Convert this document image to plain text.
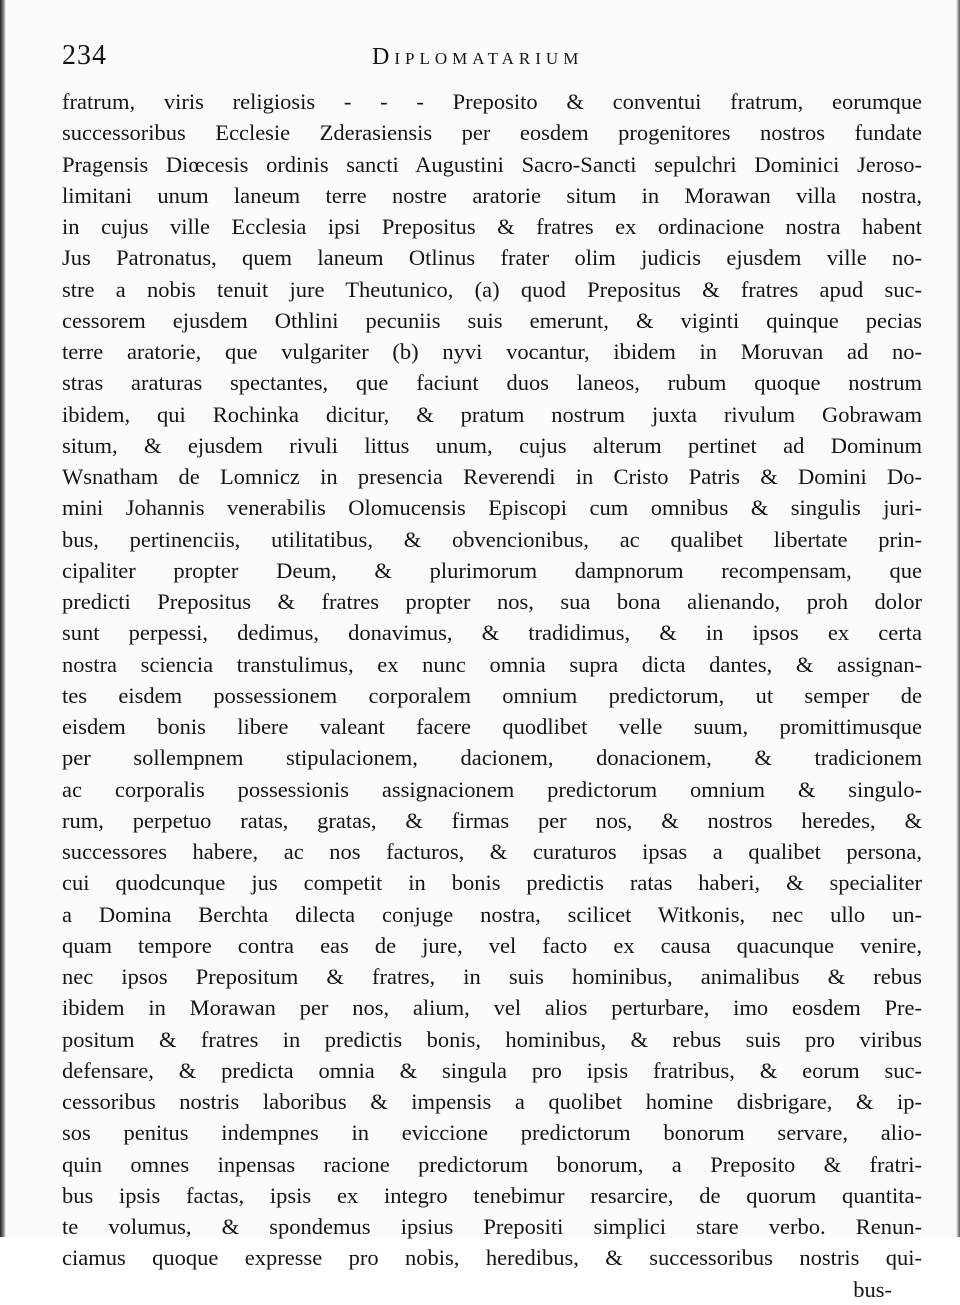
234	Diplomatarium
fratrum, viris religiosis - - - Preposito & conventui fratrum, eorumque
successoribus Ecclesie Zderasiensis per eosdem progenitores nostros fundate
Pragensis Diœcesis ordinis sancti Augustini Sacro-Sancti sepulchri Dominici Jeroso-
limitani unum laneum terre nostre aratorie situm in Morawan villa nostra,
in cujus ville Ecclesia ipsi Prepositus & fratres ex ordinacione nostra habent
Jus Patronatus, quem laneum Otlinus frater olim judicis ejusdem ville no-
stre a nobis tenuit jure Theutunico, (a) quod Prepositus & fratres apud suc-
cessorem ejusdem Othlini pecuniis suis emerunt, & viginti quinque pecias
terre aratorie, que vulgariter (b) nyvi vocantur, ibidem in Moruvan ad no-
stras araturas spectantes, que faciunt duos laneos, rubum quoque nostrum
ibidem, qui Rochinka dicitur, & pratum nostrum juxta rivulum Gobrawam
situm, & ejusdem rivuli littus unum, cujus alterum pertinet ad Dominum
Wsnatham de Lomnicz in presencia Reverendi in Cristo Patris & Domini Do-
mini Johannis venerabilis Olomucensis Episcopi cum omnibus & singulis juri-
bus, pertinenciis, utilitatibus, & obvencionibus, ac qualibet libertate prin-
cipaliter propter Deum, & plurimorum dampnorum recompensam, que
predicti Prepositus & fratres propter nos, sua bona alienando, proh dolor
sunt perpessi, dedimus, donavimus, & tradidimus, & in ipsos ex certa
nostra sciencia transtulimus, ex nunc omnia supra dicta dantes, & assignan-
tes eisdem possessionem corporalem omnium predictorum, ut semper de
eisdem bonis libere valeant facere quodlibet velle suum, promittimusque
per sollempnem stipulacionem, dacionem, donacionem, & tradicionem
ac corporalis possessionis assignacionem predictorum omnium & singulo-
rum, perpetuo ratas, gratas, & firmas per nos, & nostros heredes, &
successores habere, ac nos facturos, & curaturos ipsas a qualibet persona,
cui quodcunque jus competit in bonis predictis ratas haberi, & specialiter
a Domina Berchta dilecta conjuge nostra, scilicet Witkonis, nec ullo un-
quam tempore contra eas de jure, vel facto ex causa quacunque venire,
nec ipsos Prepositum & fratres, in suis hominibus, animalibus & rebus
ibidem in Morawan per nos, alium, vel alios perturbare, imo eosdem Pre-
positum & fratres in predictis bonis, hominibus, & rebus suis pro viribus
defensare, & predicta omnia & singula pro ipsis fratribus, & eorum suc-
cessoribus nostris laboribus & impensis a quolibet homine disbrigare, & ip-
sos penitus indempnes in eviccione predictorum bonorum servare, alio-
quin omnes inpensas racione predictorum bonorum, a Preposito & fratri-
bus ipsis factas, ipsis ex integro tenebimur resarcire, de quorum quantita-
te volumus, & spondemus ipsius Prepositi simplici stare verbo. Renun-
ciamus quoque expresse pro nobis, heredibus, & successoribus nostris qui-
bus-
